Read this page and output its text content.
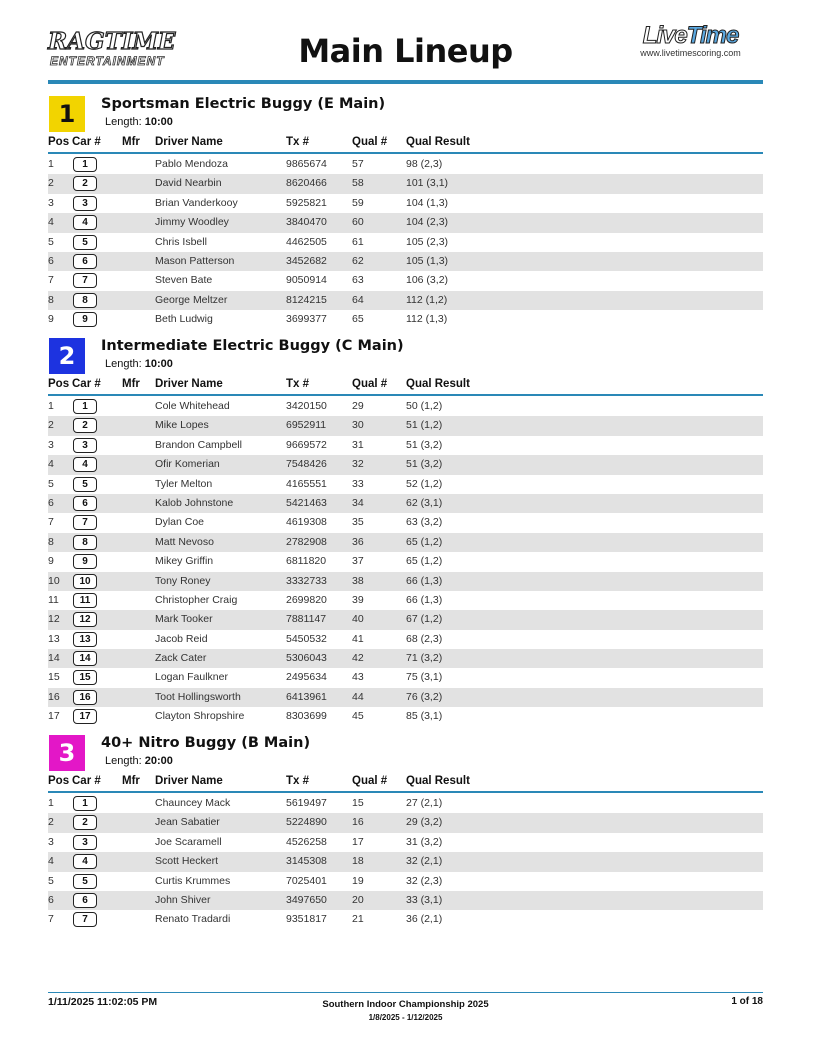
RAGTIME
ENTERTAINMENT	Main Lineup	LiveTime
www.livetimescoring.com
1	Sportsman Electric Buggy (E Main)
Length: 10:00
Pos Car # Mfr Driver Name	Tx #	Qual # Qual Result
1	1	Pablo Mendoza	9865674 57	98 (2,3)
2	2	David Nearbin	8620466 58	101 (3,1)
3	3	Brian Vanderkooy	5925821 59	104 (1,3)
4	4	Jimmy Woodley	3840470 60	104 (2,3)
5	5	Chris Isbell	4462505 61	105 (2,3)
6	6	Mason Patterson	3452682 62	105 (1,3)
7	7	Steven Bate	9050914 63	106 (3,2)
8	8	George Meltzer	8124215 64	112 (1,2)
9	9	Beth Ludwig	3699377 65	112 (1,3)
2	Intermediate Electric Buggy (C Main)
Length: 10:00
Pos Car # Mfr Driver Name	Tx #	Qual # Qual Result
1	1	Cole Whitehead	3420150 29	50 (1,2)
2	2	Mike Lopes	6952911 30	51 (1,2)
3	3	Brandon Campbell	9669572 31	51 (3,2)
4	4	Ofir Komerian	7548426 32	51 (3,2)
5	5	Tyler Melton	4165551 33	52 (1,2)
6	6	Kalob Johnstone	5421463 34	62 (3,1)
7	7	Dylan Coe	4619308 35	63 (3,2)
8	8	Matt Nevoso	2782908 36	65 (1,2)
9	9	Mikey Griffin	6811820 37	65 (1,2)
10	10	Tony Roney	3332733 38	66 (1,3)
11	11	Christopher Craig	2699820 39	66 (1,3)
12	12	Mark Tooker	7881147 40	67 (1,2)
13	13	Jacob Reid	5450532 41	68 (2,3)
14	14	Zack Cater	5306043 42	71 (3,2)
15	15	Logan Faulkner	2495634 43	75 (3,1)
16	16	Toot Hollingsworth	6413961 44	76 (3,2)
17	17	Clayton Shropshire	8303699 45	85 (3,1)
3	40+ Nitro Buggy (B Main)
Length: 20:00
Pos Car # Mfr Driver Name	Tx #	Qual # Qual Result
1	1	Chauncey Mack	5619497 15	27 (2,1)
2	2	Jean Sabatier	5224890 16	29 (3,2)
3	3	Joe Scaramell	4526258 17	31 (3,2)
4	4	Scott Heckert	3145308 18	32 (2,1)
5	5	Curtis Krummes	7025401 19	32 (2,3)
6	6	John Shiver	3497650 20	33 (3,1)
7	7	Renato Tradardi	9351817 21	36 (2,1)
1/11/2025 11:02:05 PM	Southern Indoor Championship 2025
1/8/2025 - 1/12/2025
1 of 18
